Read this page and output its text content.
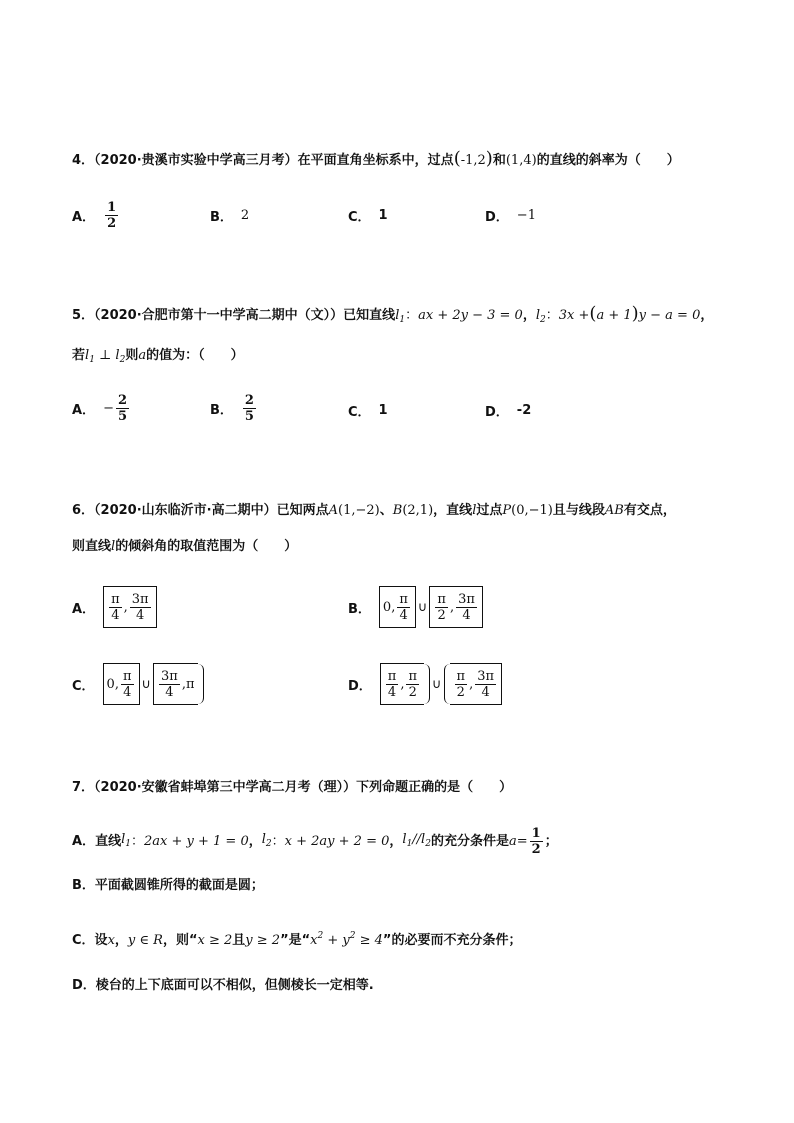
4．（2020·贵溪市实验中学高三月考）在平面直角坐标系中，过点(-1,2)和(1,4)的直线的斜率为（　　）
A． $\frac{1}{2}$	B． 2	C． 1	D． −1
5．（2020·合肥市第十一中学高二期中（文））已知直线$l_1$：ax + 2y − 3 = 0，$l_2$：3x +(a + 1)y − a = 0，
若$l_1$ ⊥ $l_2$则a的值为：（　　）
A． − $\frac{2}{5}$	B． $\frac{2}{5}$	C． 1	D． -2
6．（2020·山东临沂市·高二期中）已知两点A(1,−2)、B(2,1)，直线l过点P(0,−1)且与线段AB有交点，
则直线l的倾斜角的取值范围为（　　）
A． $\frac{\pi}{4}$ , $\frac{3\pi}{4}$	B． 0 , $\frac{\pi}{4}$ ∪ $\frac{\pi}{2}$ , $\frac{3\pi}{4}$
C． 0 , $\frac{\pi}{4}$ ∪ $\frac{3\pi}{4}$ , π	D． $\frac{\pi}{4}$ , $\frac{\pi}{2}$ ∪ $\frac{\pi}{2}$ , $\frac{3\pi}{4}$
7．（2020·安徽省蚌埠第三中学高二月考（理））下列命题正确的是（　　）
A． 直线 $l_1$ ： 2ax + y + 1 = 0 ， $l_2$ ： x + 2ay + 2 = 0 ， $l_1//l_2$ 的充分条件是 $a = \frac{1}{2}$ ；
B．平面截圆锥所得的截面是圆；
C．设x，y ∈ R，则“x ≥ 2且y ≥ 2”是“$x^2 + y^2 \ge 4$”的必要而不充分条件；
D．棱台的上下底面可以不相似，但侧棱长一定相等.
